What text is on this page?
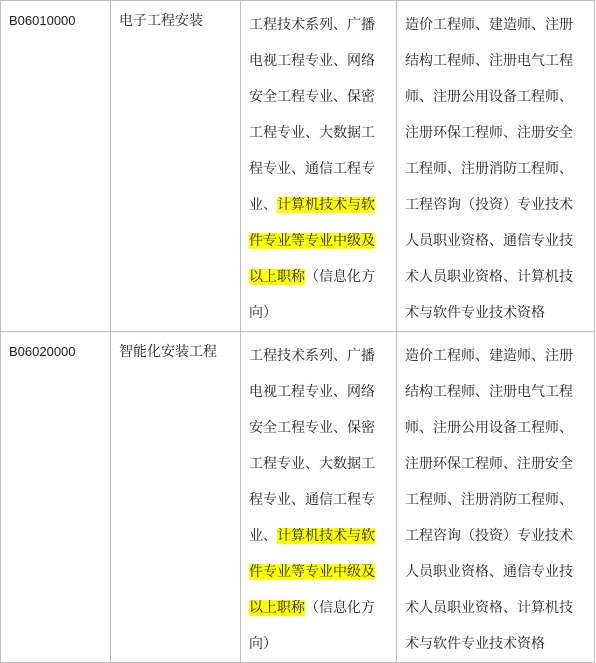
B06010000	电子工程安装	工程技术系列、广播电视工程专业、网络安全工程专业、保密工程专业、大数据工程专业、通信工程专业、计算机技术与软件专业等专业中级及以上职称（信息化方向）	造价工程师、建造师、注册结构工程师、注册电气工程师、注册公用设备工程师、注册环保工程师、注册安全工程师、注册消防工程师、工程咨询（投资）专业技术人员职业资格、通信专业技术人员职业资格、计算机技术与软件专业技术资格
B06020000	智能化安装工程	工程技术系列、广播电视工程专业、网络安全工程专业、保密工程专业、大数据工程专业、通信工程专业、计算机技术与软件专业等专业中级及以上职称（信息化方向）	造价工程师、建造师、注册结构工程师、注册电气工程师、注册公用设备工程师、注册环保工程师、注册安全工程师、注册消防工程师、工程咨询（投资）专业技术人员职业资格、通信专业技术人员职业资格、计算机技术与软件专业技术资格
